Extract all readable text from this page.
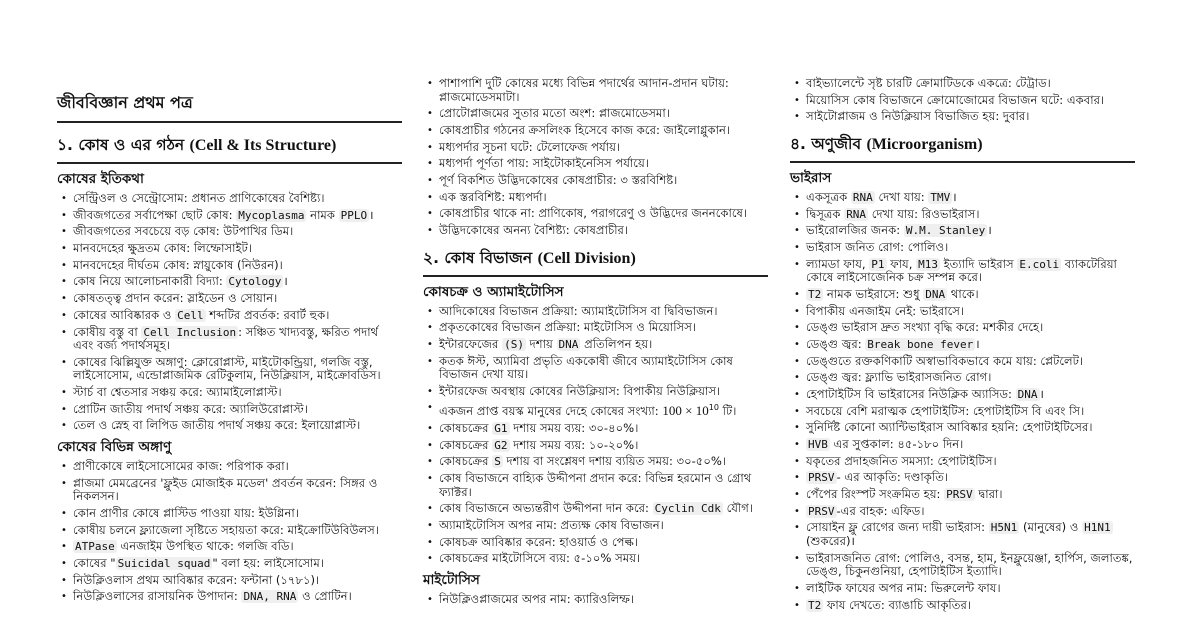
জীববিজ্ঞান প্রথম পত্র
১. কোষ ও এর গঠন (Cell & Its Structure)
কোষের ইতিকথা
• সেন্ট্রিওল ও সেন্ট্রোসোম: প্রধানত প্রাণিকোষের বৈশিষ্ট্য।
• জীবজগতের সর্বাপেক্ষা ছোট কোষ: Mycoplasma নামক PPLO ।
• জীবজগতের সবচেয়ে বড় কোষ: উটপাখির ডিম।
• মানবদেহের ক্ষুদ্রতম কোষ: লিম্ফোসাইট।
• মানবদেহের দীর্ঘতম কোষ: স্নায়ুকোষ (নিউরন)।
• কোষ নিয়ে আলোচনাকারী বিদ্যা: Cytology ।
• কোষতত্ত্ব প্রদান করেন: স্লাইডেন ও সোয়ান।
• কোষের আবিষ্কারক ও Cell শব্দটির প্রবর্তক: রবার্ট হুক।
• কোষীয় বস্তু বা Cell Inclusion : সঞ্চিত খাদ্যবস্তু, ক্ষরিত পদার্থ এবং বর্জ্য পদার্থসমূহ।
• কোষের ঝিল্লিযুক্ত অঙ্গাণু: ক্লোরোপ্লাস্ট, মাইটোকন্ড্রিয়া, গলজি বস্তু, লাইসোসোম, এন্ডোপ্লাজমিক রেটিকুলাম, নিউক্লিয়াস, মাইক্রোবডিস।
• স্টার্চ বা শ্বেতসার সঞ্চয় করে: অ্যামাইলোপ্লাস্ট।
• প্রোটিন জাতীয় পদার্থ সঞ্চয় করে: অ্যালিউরোপ্লাস্ট।
• তেল ও স্নেহ বা লিপিড জাতীয় পদার্থ সঞ্চয় করে: ইলায়োপ্লাস্ট।
কোষের বিভিন্ন অঙ্গাণু
• প্রাণীকোষে লাইসোসোমের কাজ: পরিপাক করা।
• প্লাজমা মেমব্রেনের 'ফ্লুইড মোজাইক মডেল' প্রবর্তন করেন: সিঙ্গর ও নিকলসন।
• কোন প্রাণীর কোষে প্লাস্টিড পাওয়া যায়: ইউগ্লিনা।
• কোষীয় চলনে ফ্ল্যাজেলা সৃষ্টিতে সহায়তা করে: মাইক্রোটিউবিউলস।
• ATPase এনজাইম উপস্থিত থাকে: গলজি বডি।
• কোষের " Suicidal squad " বলা হয়: লাইসোসোম।
• নিউক্লিওলাস প্রথম আবিষ্কার করেন: ফন্টানা (১৭৮১)।
• নিউক্লিওলাসের রাসায়নিক উপাদান: DNA, RNA ও প্রোটিন।
• পাশাপাশি দুটি কোষের মধ্যে বিভিন্ন পদার্থের আদান-প্রদান ঘটায়: প্লাজমোডেসমাটা।
• প্রোটোপ্লাজমের সুতার মতো অংশ: প্লাজমোডেসমা।
• কোষপ্রাচীর গঠনের ক্রসলিংক হিসেবে কাজ করে: জাইলোগ্লুকান।
• মধ্যপর্দার সূচনা ঘটে: টেলোফেজ পর্যায়।
• মধ্যপর্দা পূর্ণতা পায়: সাইটোকাইনেসিস পর্যায়ে।
• পূর্ণ বিকশিত উদ্ভিদকোষের কোষপ্রাচীর: ৩ স্তরবিশিষ্ট।
• এক স্তরবিশিষ্ট: মধ্যপর্দা।
• কোষপ্রাচীর থাকে না: প্রাণিকোষ, পরাগরেণু ও উদ্ভিদের জননকোষে।
• উদ্ভিদকোষের অনন্য বৈশিষ্ট্য: কোষপ্রাচীর।
২. কোষ বিভাজন (Cell Division)
কোষচক্র ও অ্যামাইটোসিস
• আদিকোষের বিভাজন প্রক্রিয়া: অ্যামাইটোসিস বা দ্বিবিভাজন।
• প্রকৃতকোষের বিভাজন প্রক্রিয়া: মাইটোসিস ও মিয়োসিস।
• ইন্টারফেজের (S) দশায় DNA প্রতিলিপন হয়।
• কতক ঈস্ট, অ্যামিবা প্রভৃতি এককোষী জীবে অ্যামাইটোসিস কোষ বিভাজন দেখা যায়।
• ইন্টারফেজ অবস্থায় কোষের নিউক্লিয়াস: বিপাকীয় নিউক্লিয়াস।
• একজন প্রাপ্ত বয়স্ক মানুষের দেহে কোষের সংখ্যা: $100 \times 10^{10}$ টি।
• কোষচক্রের G1 দশায় সময় ব্যয়: ৩০-৪০%।
• কোষচক্রের G2 দশায় সময় ব্যয়: ১০-২০%।
• কোষচক্রের S দশায় বা সংশ্লেষণ দশায় ব্যয়িত সময়: ৩০-৫০%।
• কোষ বিভাজনে বাহ্যিক উদ্দীপনা প্রদান করে: বিভিন্ন হরমোন ও গ্রোথ ফ্যাক্টর।
• কোষ বিভাজনে অভ্যন্তরীণ উদ্দীপনা দান করে: Cyclin Cdk যৌগ।
• অ্যামাইটোসিস অপর নাম: প্রত্যক্ষ কোষ বিভাজন।
• কোষচক্র আবিষ্কার করেন: হাওয়ার্ড ও পেল্ক।
• কোষচক্রের মাইটোসিসে ব্যয়: ৫-১০% সময়।
মাইটোসিস
• নিউক্লিওপ্লাজমের অপর নাম: ক্যারিওলিম্ফ।
• বাইভ্যালেন্টে সৃষ্ট চারটি ক্রোমাটিডকে একত্রে: টেট্রাড।
• মিয়োসিস কোষ বিভাজনে ক্রোমোজোমের বিভাজন ঘটে: একবার।
• সাইটোপ্লাজম ও নিউক্লিয়াস বিভাজিত হয়: দুবার।
৪. অণুজীব (Microorganism)
ভাইরাস
• একসূত্রক RNA দেখা যায়: TMV ।
• দ্বিসূত্রক RNA দেখা যায়: রিওভাইরাস।
• ভাইরোলজির জনক: W.M. Stanley ।
• ভাইরাস জনিত রোগ: পোলিও।
• ল্যামডা ফায, P1 ফায, M13 ইত্যাদি ভাইরাস E.coli ব্যাকটেরিয়া কোষে লাইসোজেনিক চক্র সম্পন্ন করে।
• T2 নামক ভাইরাসে: শুধু DNA থাকে।
• বিপাকীয় এনজাইম নেই: ভাইরাসে।
• ডেঙ্গু ভাইরাস দ্রুত সংখ্যা বৃদ্ধি করে: মশকীর দেহে।
• ডেঙ্গু জ্বর: Break bone fever ।
• ডেঙ্গুতে রক্তকণিকাটি অস্বাভাবিকভাবে কমে যায়: প্লেটলেট।
• ডেঙ্গু জ্বর: ফ্ল্যাভি ভাইরাসজনিত রোগ।
• হেপাটাইটিস বি ভাইরাসের নিউক্লিক অ্যাসিড: DNA ।
• সবচেয়ে বেশি মরাত্মক হেপাটাইটিস: হেপাটাইটিস বি এবং সি।
• সুনির্দিষ্ট কোনো অ্যান্টিভাইরাস আবিষ্কার হয়নি: হেপাটাইটিসের।
• HVB এর সুপ্তকাল: ৪৫-১৮০ দিন।
• যকৃতের প্রদাহজনিত সমস্যা: হেপাটাইটিস।
• PRSV - এর আকৃতি: দণ্ডাকৃতি।
• পেঁপের রিংস্পট সংক্রমিত হয়: PRSV দ্বারা।
• PRSV -এর বাহক: এফিড।
• সোয়াইন ফ্লু রোগের জন্য দায়ী ভাইরাস: H5N1 (মানুষের) ও H1N1 (শুকরের)।
• ভাইরাসজনিত রোগ: পোলিও, বসন্ত, হাম, ইনফ্লুয়েঞ্জা, হার্পিস, জলাতঙ্ক, ডেঙ্গু, চিকুনগুনিয়া, হেপাটাইটিস ইত্যাদি।
• লাইটিক ফাযের অপর নাম: ভিরুলেন্ট ফায।
• T2 ফায দেখতে: ব্যাঙাচি আকৃতির।
